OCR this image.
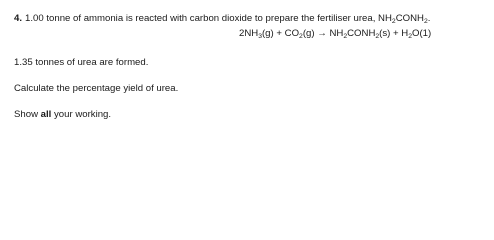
4. 1.00 tonne of ammonia is reacted with carbon dioxide to prepare the fertiliser urea, $NH_2CONH_2$.
$2NH_3(g) + CO_2(g)$ → $NH_2CONH_2(s) + H_2O(1)$
1.35 tonnes of urea are formed.
Calculate the percentage yield of urea.
Show all your working.
